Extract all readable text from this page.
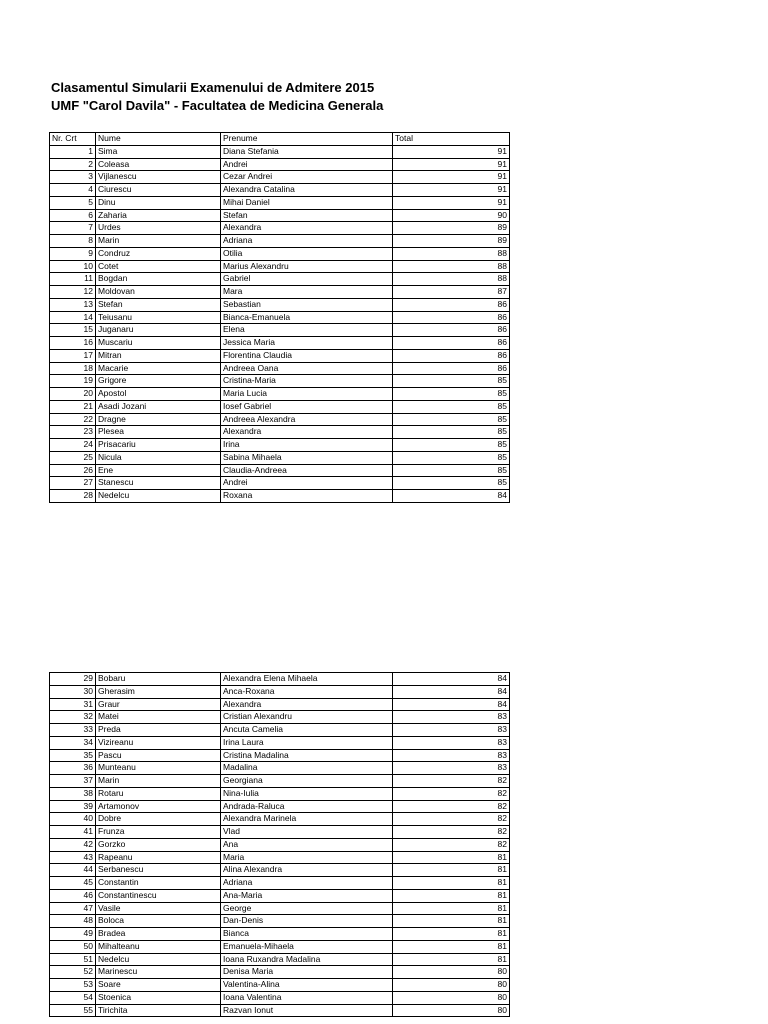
Clasamentul Simularii Examenului de Admitere 2015
UMF "Carol Davila" - Facultatea de Medicina Generala
Nr. Crt	Nume	Prenume	Total
1	Sima	Diana Stefania	91
2	Coleasa	Andrei	91
3	Vijlanescu	Cezar Andrei	91
4	Ciurescu	Alexandra Catalina	91
5	Dinu	Mihai Daniel	91
6	Zaharia	Stefan	90
7	Urdes	Alexandra	89
8	Marin	Adriana	89
9	Condruz	Otilia	88
10	Cotet	Marius Alexandru	88
11	Bogdan	Gabriel	88
12	Moldovan	Mara	87
13	Stefan	Sebastian	86
14	Teiusanu	Bianca-Emanuela	86
15	Juganaru	Elena	86
16	Muscariu	Jessica Maria	86
17	Mitran	Florentina Claudia	86
18	Macarie	Andreea Oana	86
19	Grigore	Cristina-Maria	85
20	Apostol	Maria Lucia	85
21	Asadi Jozani	Iosef Gabriel	85
22	Dragne	Andreea Alexandra	85
23	Plesea	Alexandra	85
24	Prisacariu	Irina	85
25	Nicula	Sabina Mihaela	85
26	Ene	Claudia-Andreea	85
27	Stanescu	Andrei	85
28	Nedelcu	Roxana	84
29	Bobaru	Alexandra Elena Mihaela	84
30	Gherasim	Anca-Roxana	84
31	Graur	Alexandra	84
32	Matei	Cristian Alexandru	83
33	Preda	Ancuta Camelia	83
34	Vizireanu	Irina Laura	83
35	Pascu	Cristina Madalina	83
36	Munteanu	Madalina	83
37	Marin	Georgiana	82
38	Rotaru	Nina-Iulia	82
39	Artamonov	Andrada-Raluca	82
40	Dobre	Alexandra Marinela	82
41	Frunza	Vlad	82
42	Gorzko	Ana	82
43	Rapeanu	Maria	81
44	Serbanescu	Alina Alexandra	81
45	Constantin	Adriana	81
46	Constantinescu	Ana-Maria	81
47	Vasile	George	81
48	Boloca	Dan-Denis	81
49	Bradea	Bianca	81
50	Mihalteanu	Emanuela-Mihaela	81
51	Nedelcu	Ioana Ruxandra Madalina	81
52	Marinescu	Denisa Maria	80
53	Soare	Valentina-Alina	80
54	Stoenica	Ioana Valentina	80
55	Tirichita	Razvan Ionut	80
